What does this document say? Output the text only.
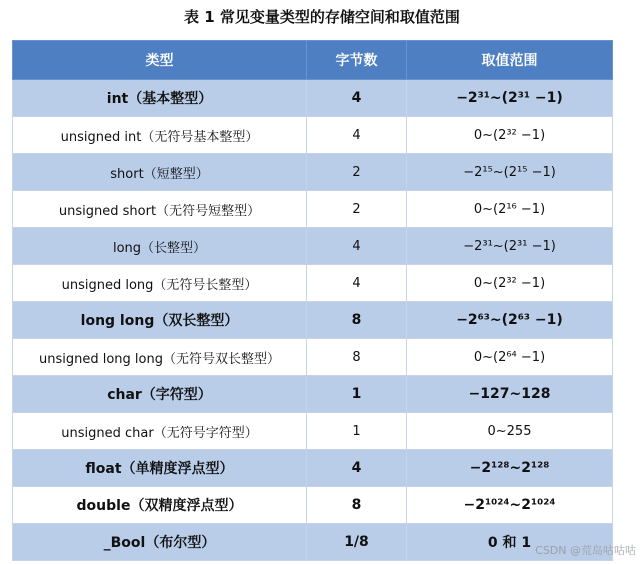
表 1 常见变量类型的存储空间和取值范围
类型	字节数	取值范围
int（基本整型）	4	−2³¹~(2³¹ −1)
unsigned int（无符号基本整型）	4	0~(2³² −1)
short（短整型）	2	−2¹⁵~(2¹⁵ −1)
unsigned short（无符号短整型）	2	0~(2¹⁶ −1)
long（长整型）	4	−2³¹~(2³¹ −1)
unsigned long（无符号长整型）	4	0~(2³² −1)
long long（双长整型）	8	−2⁶³~(2⁶³ −1)
unsigned long long（无符号双长整型）	8	0~(2⁶⁴ −1)
char（字符型）	1	−127~128
unsigned char（无符号字符型）	1	0~255
float（单精度浮点型）	4	−2¹²⁸~2¹²⁸
double（双精度浮点型）	8	−2¹⁰²⁴~2¹⁰²⁴
_Bool（布尔型）	1/8	0 和 1 CSDN @荒岛咕咕咕
